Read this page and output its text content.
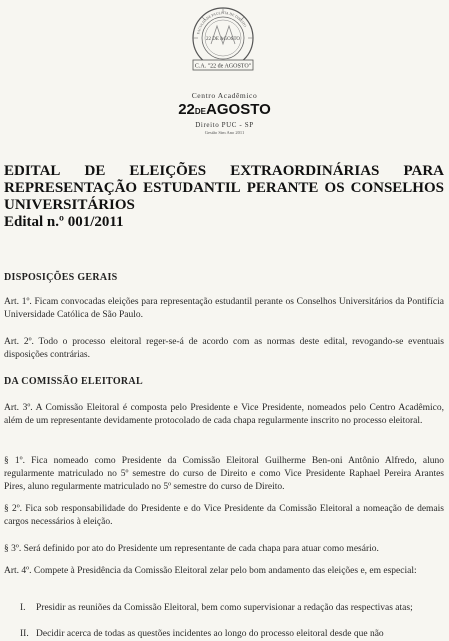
C.A. "22 de AGOSTO"
22 DE AGOSTO
FACULDADE PAULISTA DE DIREITO
Centro Acadêmico
22DEAGOSTO
Direito PUC - SP
Gestão Sim Ano 2011
EDITAL DE ELEIÇÕES EXTRAORDINÁRIAS PARA
REPRESENTAÇÃO ESTUDANTIL PERANTE OS CONSELHOS
UNIVERSITÁRIOS
Edital n.º 001/2011
DISPOSIÇÕES GERAIS
Art. 1º. Ficam convocadas eleições para representação estudantil perante os Conselhos Universitários da Pontifícia Universidade Católica de São Paulo.
Art. 2º. Todo o processo eleitoral reger-se-á de acordo com as normas deste edital, revogando-se eventuais disposições contrárias.
DA COMISSÃO ELEITORAL
Art. 3º. A Comissão Eleitoral é composta pelo Presidente e Vice Presidente, nomeados pelo Centro Acadêmico, além de um representante devidamente protocolado de cada chapa regularmente inscrito no processo eleitoral.
§ 1º. Fica nomeado como Presidente da Comissão Eleitoral Guilherme Ben-oni Antônio Alfredo, aluno regularmente matriculado no 5º semestre do curso de Direito e como Vice Presidente Raphael Pereira Arantes Pires, aluno regularmente matriculado no 5º semestre do curso de Direito.
§ 2º. Fica sob responsabilidade do Presidente e do Vice Presidente da Comissão Eleitoral a nomeação de demais cargos necessários à eleição.
§ 3º. Será definido por ato do Presidente um representante de cada chapa para atuar como mesário.
Art. 4º. Compete à Presidência da Comissão Eleitoral zelar pelo bom andamento das eleições e, em especial:
I.	Presidir as reuniões da Comissão Eleitoral, bem como supervisionar a redação das respectivas atas;
II. Decidir acerca de todas as questões incidentes ao longo do processo eleitoral desde que não
